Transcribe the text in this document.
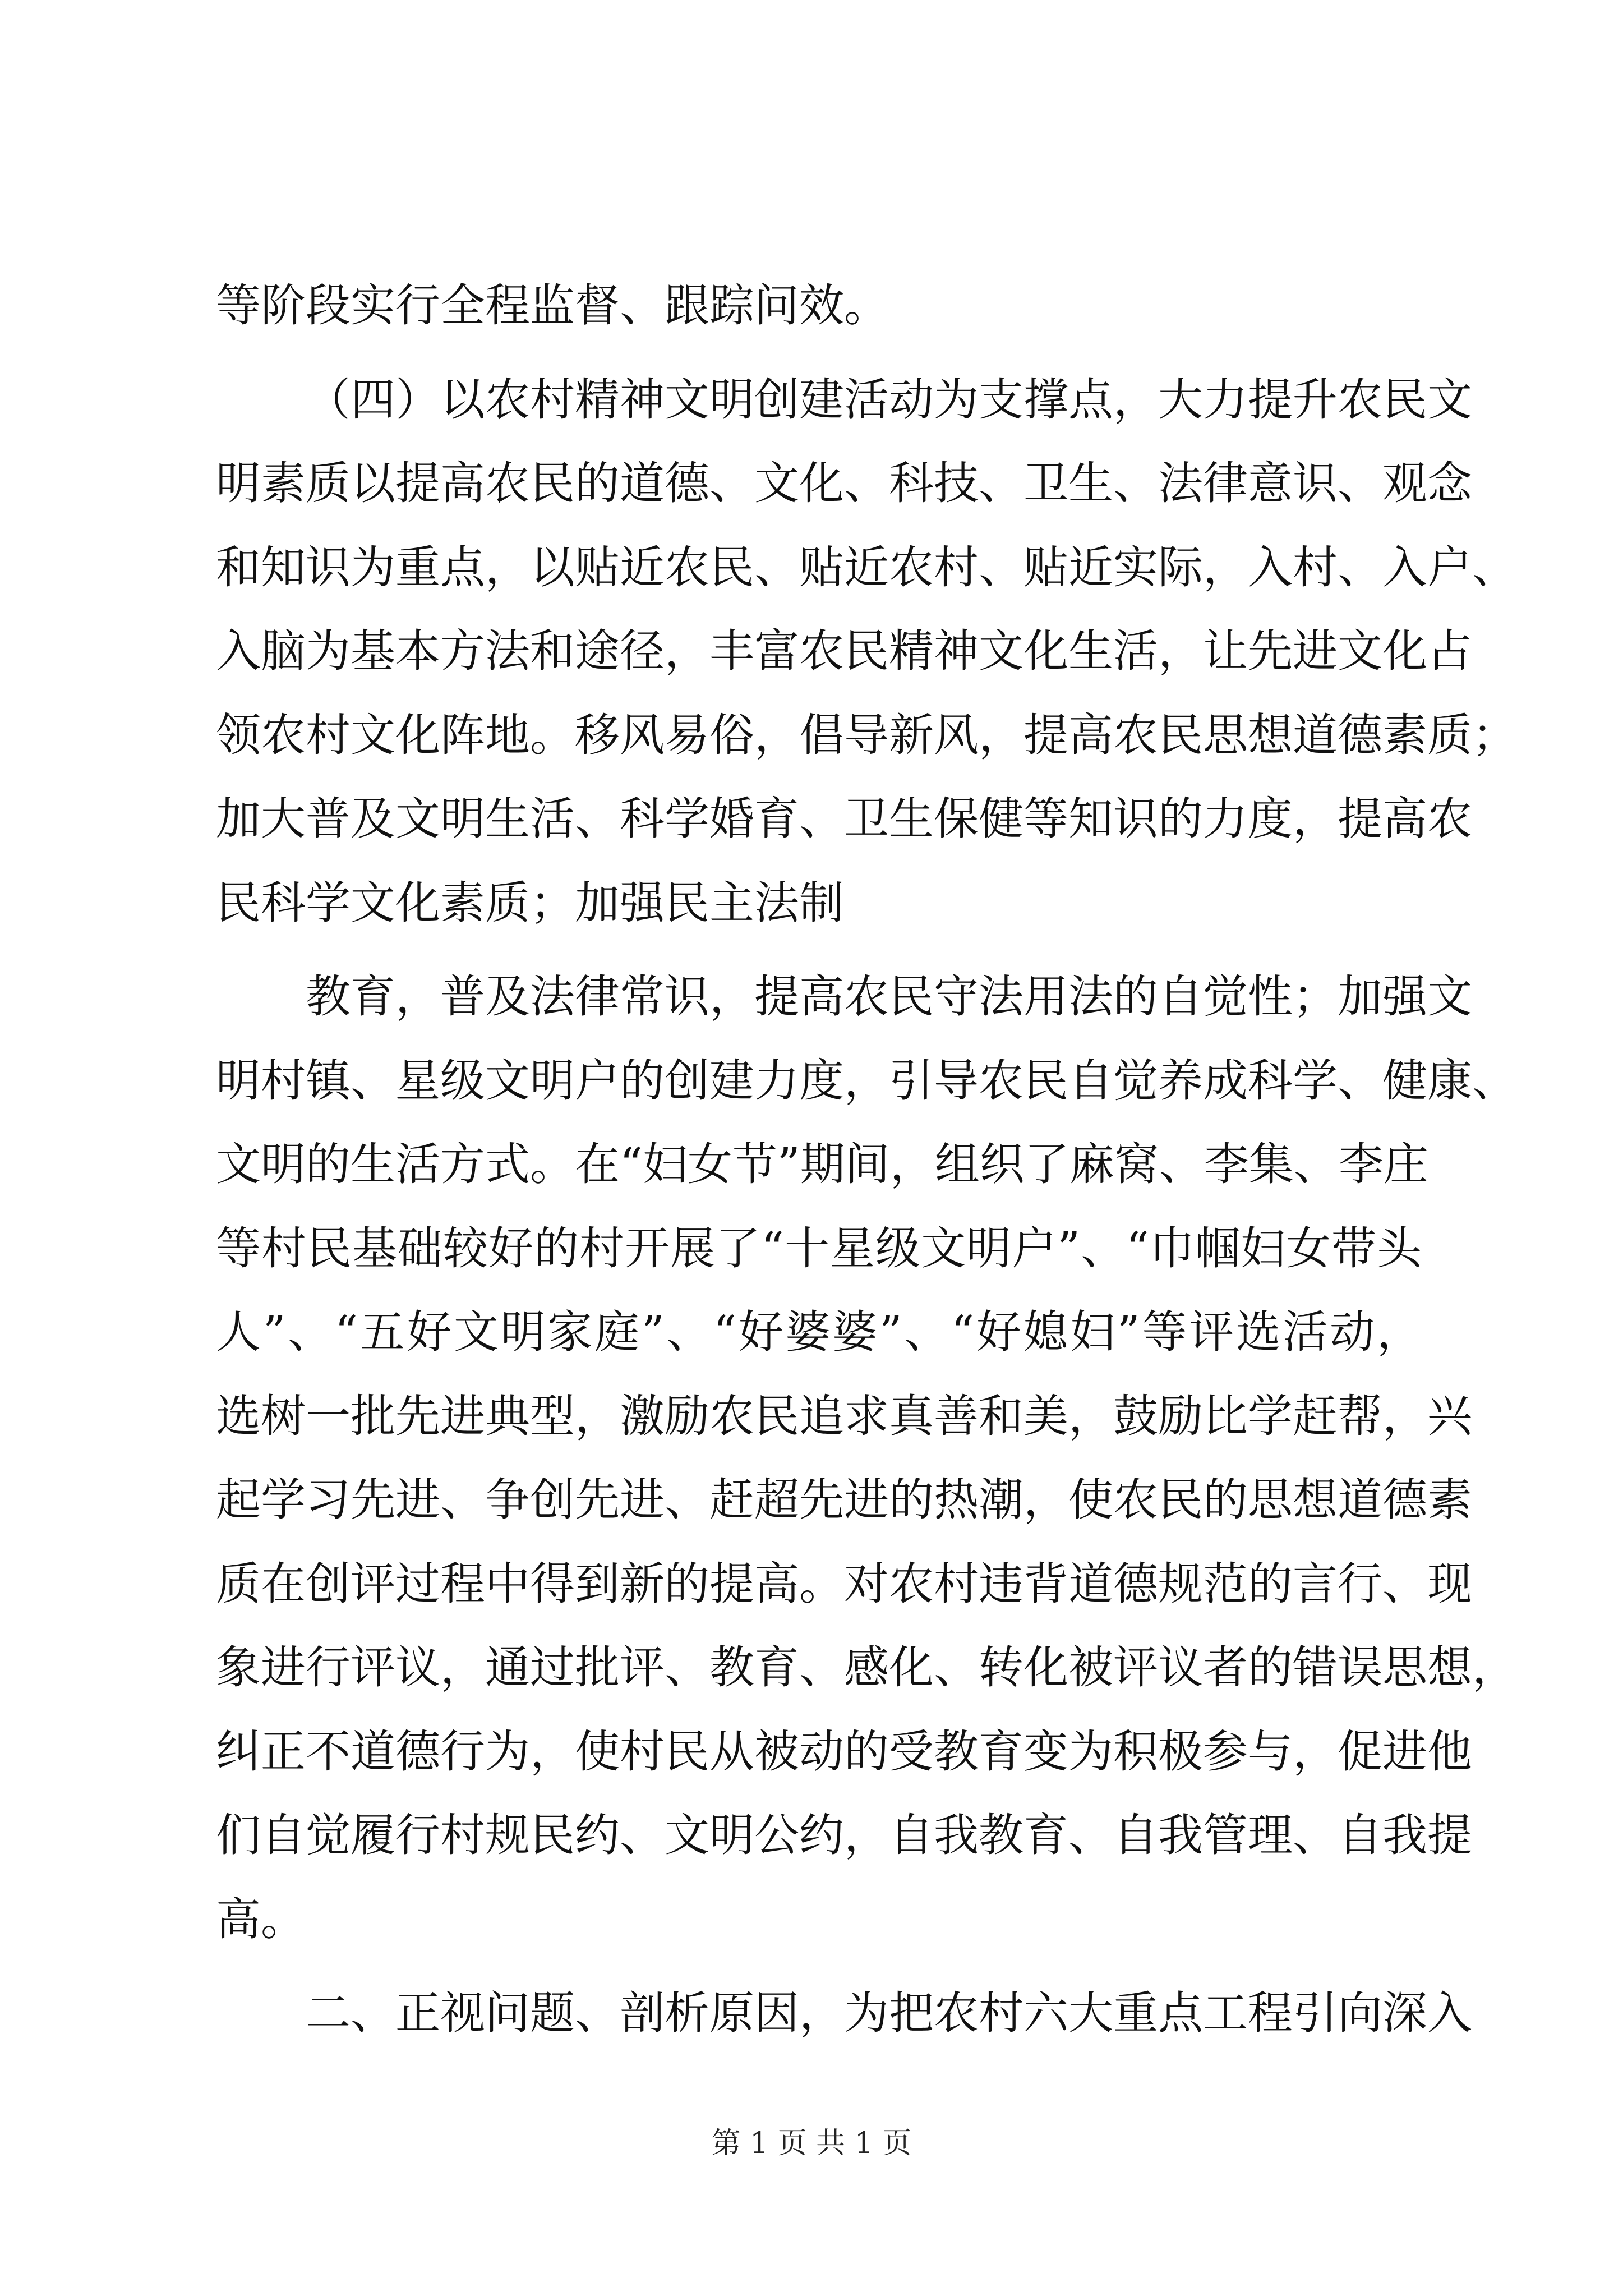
等阶段实行全程监督、跟踪问效。
（四）以农村精神文明创建活动为支撑点，大力提升农民文
明素质以提高农民的道德、文化、科技、卫生、法律意识、观念
和知识为重点，以贴近农民、贴近农村、贴近实际，入村、入户、
入脑为基本方法和途径，丰富农民精神文化生活，让先进文化占
领农村文化阵地。移风易俗，倡导新风，提高农民思想道德素质；
加大普及文明生活、科学婚育、卫生保健等知识的力度，提高农
民科学文化素质；加强民主法制
教育，普及法律常识，提高农民守法用法的自觉性；加强文
明村镇、星级文明户的创建力度，引导农民自觉养成科学、健康、
文明的生活方式。在“妇女节”期间，组织了麻窝、李集、李庄
等村民基础较好的村开展了“十星级文明户”、“巾帼妇女带头
人”、“五好文明家庭”、“好婆婆”、“好媳妇”等评选活动，
选树一批先进典型，激励农民追求真善和美，鼓励比学赶帮，兴
起学习先进、争创先进、赶超先进的热潮，使农民的思想道德素
质在创评过程中得到新的提高。对农村违背道德规范的言行、现
象进行评议，通过批评、教育、感化、转化被评议者的错误思想，
纠正不道德行为，使村民从被动的受教育变为积极参与，促进他
们自觉履行村规民约、文明公约，自我教育、自我管理、自我提
高。
二、正视问题、剖析原因，为把农村六大重点工程引向深入
第 1 页 共 1 页
